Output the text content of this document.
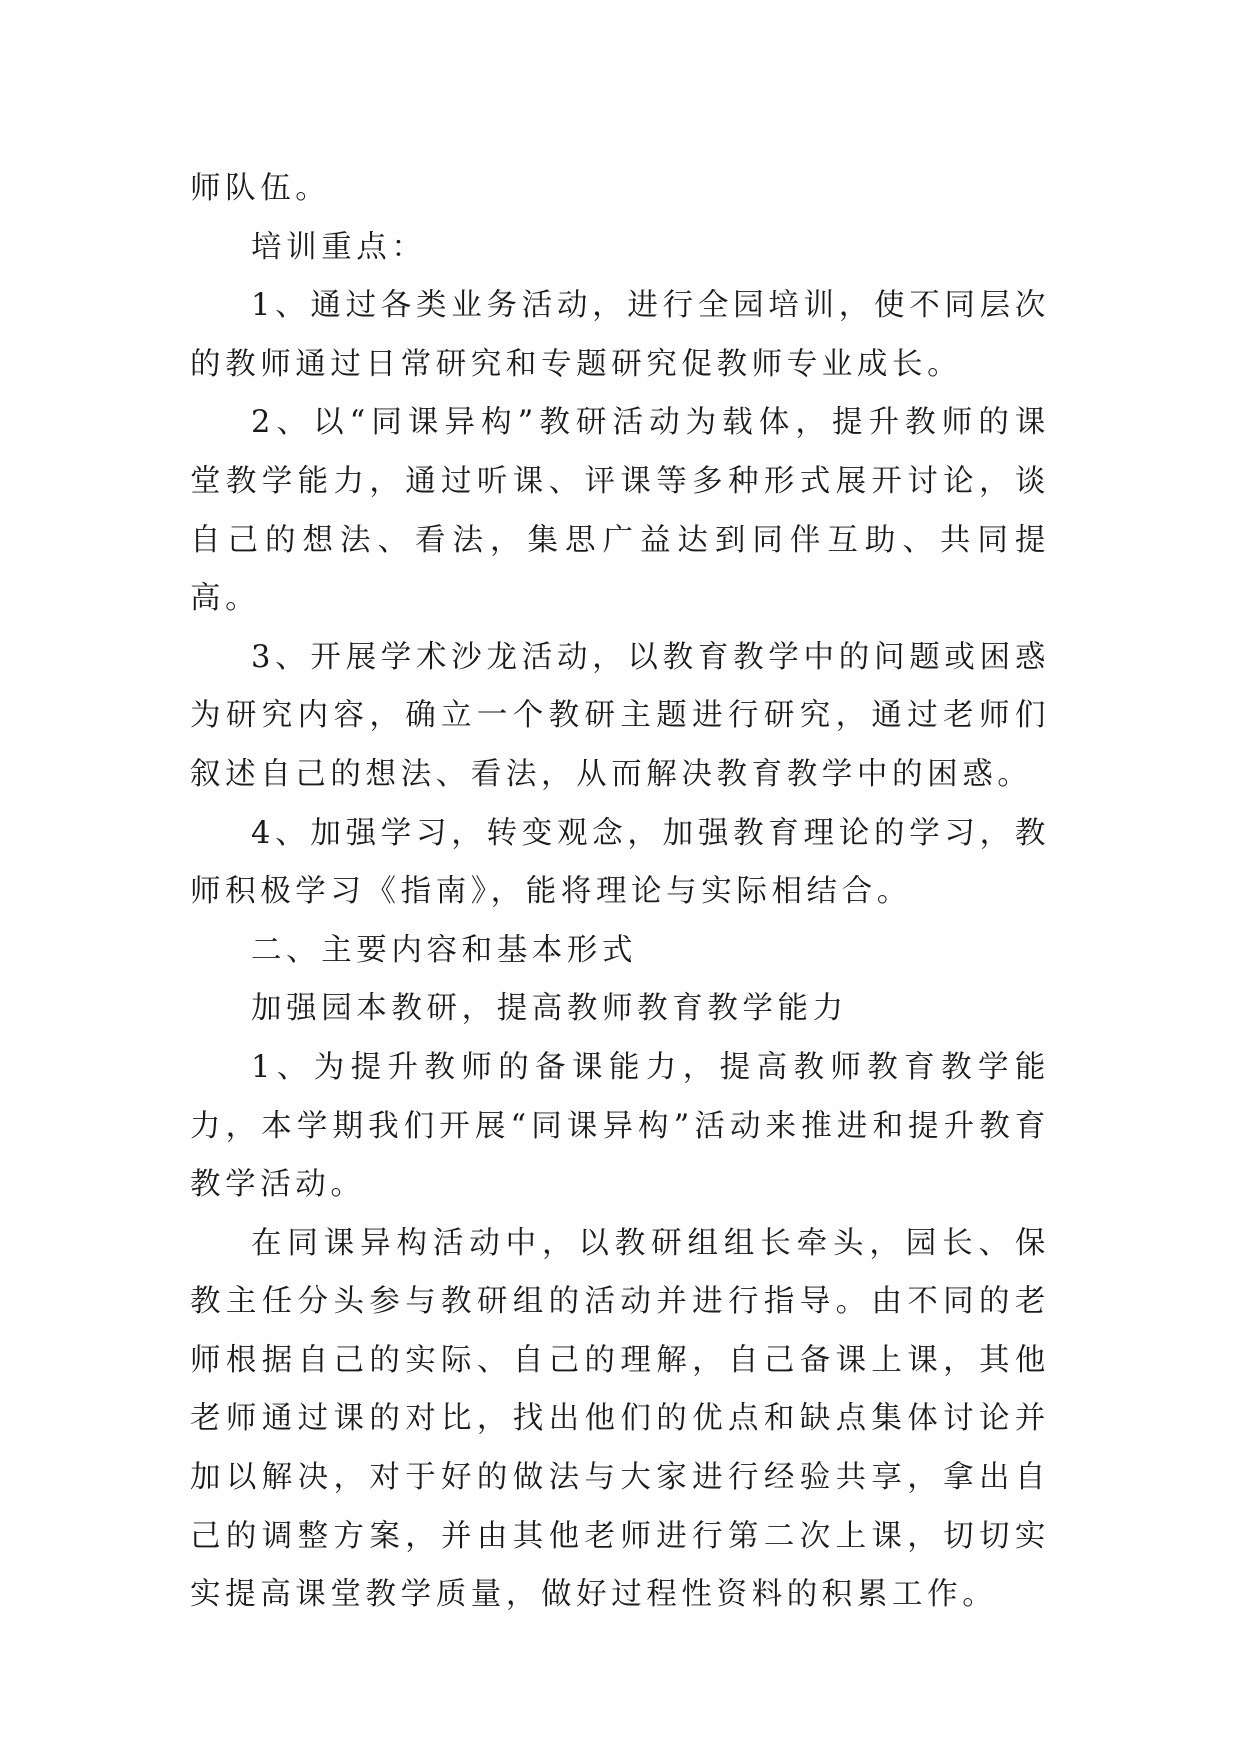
师队伍。

培训重点：

1、通过各类业务活动，进行全园培训，使不同层次的教师通过日常研究和专题研究促教师专业成长。

2、以“同课异构”教研活动为载体，提升教师的课堂教学能力，通过听课、评课等多种形式展开讨论，谈自己的想法、看法，集思广益达到同伴互助、共同提高。

3、开展学术沙龙活动，以教育教学中的问题或困惑为研究内容，确立一个教研主题进行研究，通过老师们叙述自己的想法、看法，从而解决教育教学中的困惑。

4、加强学习，转变观念，加强教育理论的学习，教师积极学习《指南》，能将理论与实际相结合。

二、主要内容和基本形式

加强园本教研，提高教师教育教学能力

1、为提升教师的备课能力，提高教师教育教学能力，本学期我们开展“同课异构”活动来推进和提升教育教学活动。

在同课异构活动中，以教研组组长牵头，园长、保教主任分头参与教研组的活动并进行指导。由不同的老师根据自己的实际、自己的理解，自己备课上课，其他老师通过课的对比，找出他们的优点和缺点集体讨论并加以解决，对于好的做法与大家进行经验共享，拿出自己的调整方案，并由其他老师进行第二次上课，切切实实提高课堂教学质量，做好过程性资料的积累工作。
